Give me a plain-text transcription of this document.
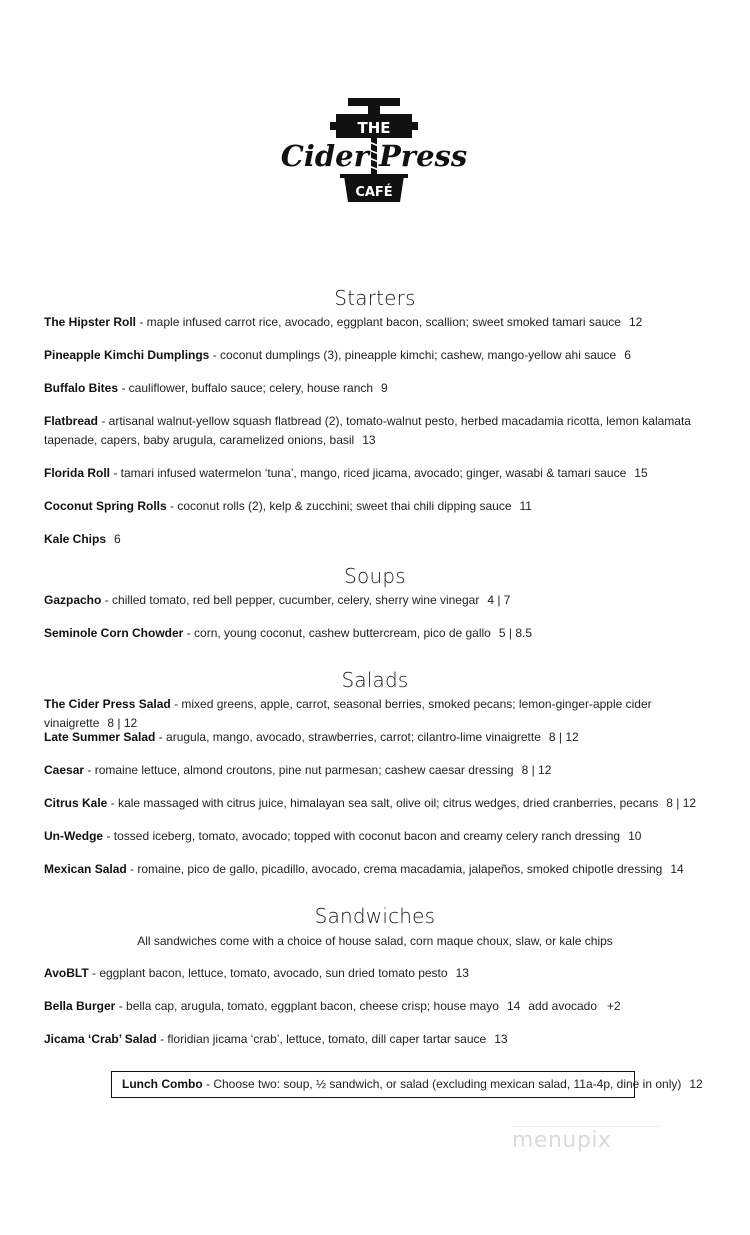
THE
Cider Press
CAFÉ
Starters
The Hipster Roll - maple infused carrot rice, avocado, eggplant bacon, scallion; sweet smoked tamari sauce 12
Pineapple Kimchi Dumplings - coconut dumplings (3), pineapple kimchi; cashew, mango-yellow ahi sauce 6
Buffalo Bites - cauliflower, buffalo sauce; celery, house ranch 9
Flatbread - artisanal walnut-yellow squash flatbread (2), tomato-walnut pesto, herbed macadamia ricotta, lemon kalamata tapenade, capers, baby arugula, caramelized onions, basil 13
Florida Roll - tamari infused watermelon ‘tuna’, mango, riced jicama, avocado; ginger, wasabi & tamari sauce 15
Coconut Spring Rolls - coconut rolls (2), kelp & zucchini; sweet thai chili dipping sauce 11
Kale Chips 6
Soups
Gazpacho - chilled tomato, red bell pepper, cucumber, celery, sherry wine vinegar 4 | 7
Seminole Corn Chowder - corn, young coconut, cashew buttercream, pico de gallo 5 | 8.5
Salads
The Cider Press Salad - mixed greens, apple, carrot, seasonal berries, smoked pecans; lemon-ginger-apple cider vinaigrette 8 | 12
Late Summer Salad - arugula, mango, avocado, strawberries, carrot; cilantro-lime vinaigrette 8 | 12
Caesar - romaine lettuce, almond croutons, pine nut parmesan; cashew caesar dressing 8 | 12
Citrus Kale - kale massaged with citrus juice, himalayan sea salt, olive oil; citrus wedges, dried cranberries, pecans 8 | 12
Un-Wedge - tossed iceberg, tomato, avocado; topped with coconut bacon and creamy celery ranch dressing 10
Mexican Salad - romaine, pico de gallo, picadillo, avocado, crema macadamia, jalapeños, smoked chipotle dressing 14
Sandwiches
All sandwiches come with a choice of house salad, corn maque choux, slaw, or kale chips
AvoBLT - eggplant bacon, lettuce, tomato, avocado, sun dried tomato pesto 13
Bella Burger - bella cap, arugula, tomato, eggplant bacon, cheese crisp; house mayo 14 add avocado   +2
Jicama ‘Crab’ Salad - floridian jicama ‘crab’, lettuce, tomato, dill caper tartar sauce 13
Lunch Combo - Choose two: soup, ½ sandwich, or salad (excluding mexican salad, 11a-4p, dine in only) 12
menupix
